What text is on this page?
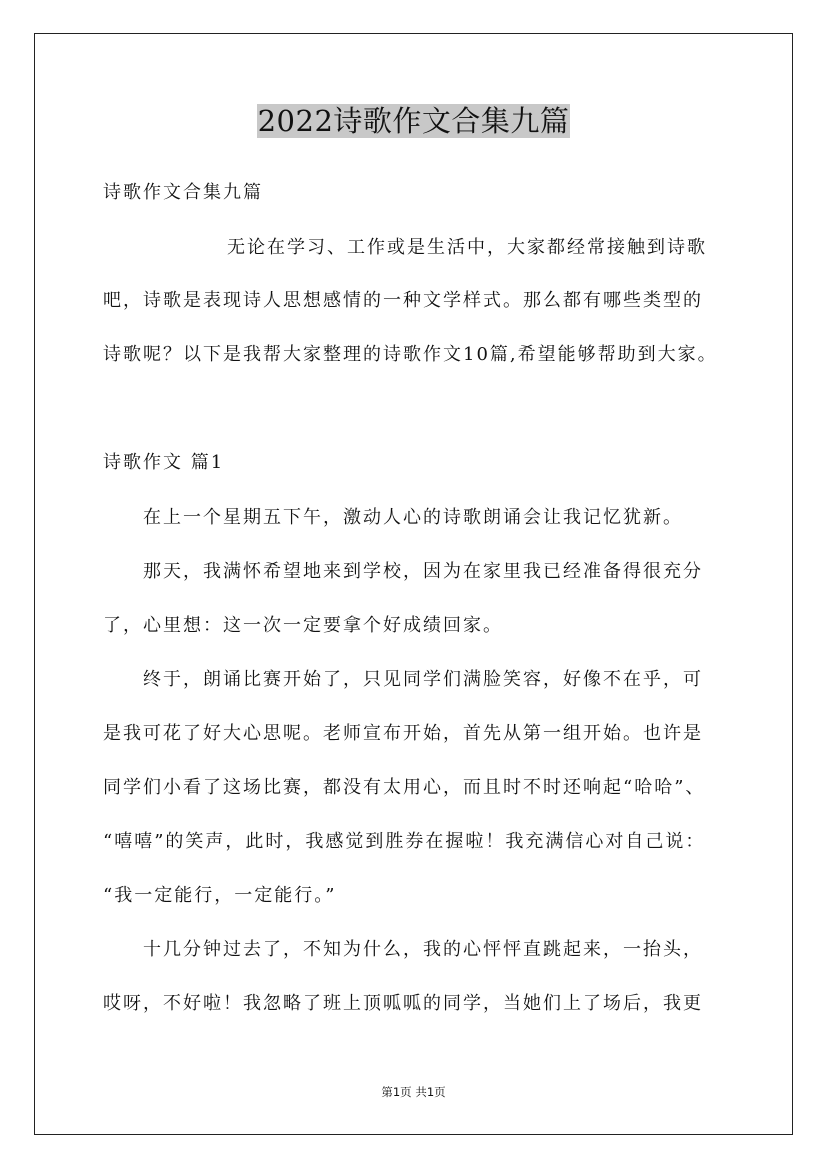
2022诗歌作文合集九篇
诗歌作文合集九篇
无论在学习、工作或是生活中，大家都经常接触到诗歌
吧，诗歌是表现诗人思想感情的一种文学样式。那么都有哪些类型的
诗歌呢？以下是我帮大家整理的诗歌作文10篇,希望能够帮助到大家。
诗歌作文 篇1
在上一个星期五下午，激动人心的诗歌朗诵会让我记忆犹新。
那天，我满怀希望地来到学校，因为在家里我已经准备得很充分
了，心里想：这一次一定要拿个好成绩回家。
终于，朗诵比赛开始了，只见同学们满脸笑容，好像不在乎，可
是我可花了好大心思呢。老师宣布开始，首先从第一组开始。也许是
同学们小看了这场比赛，都没有太用心，而且时不时还响起“哈哈”、
“嘻嘻”的笑声，此时，我感觉到胜券在握啦！我充满信心对自己说：
“我一定能行，一定能行。”
十几分钟过去了，不知为什么，我的心怦怦直跳起来，一抬头，
哎呀，不好啦！我忽略了班上顶呱呱的同学，当她们上了场后，我更
第1页 共1页
